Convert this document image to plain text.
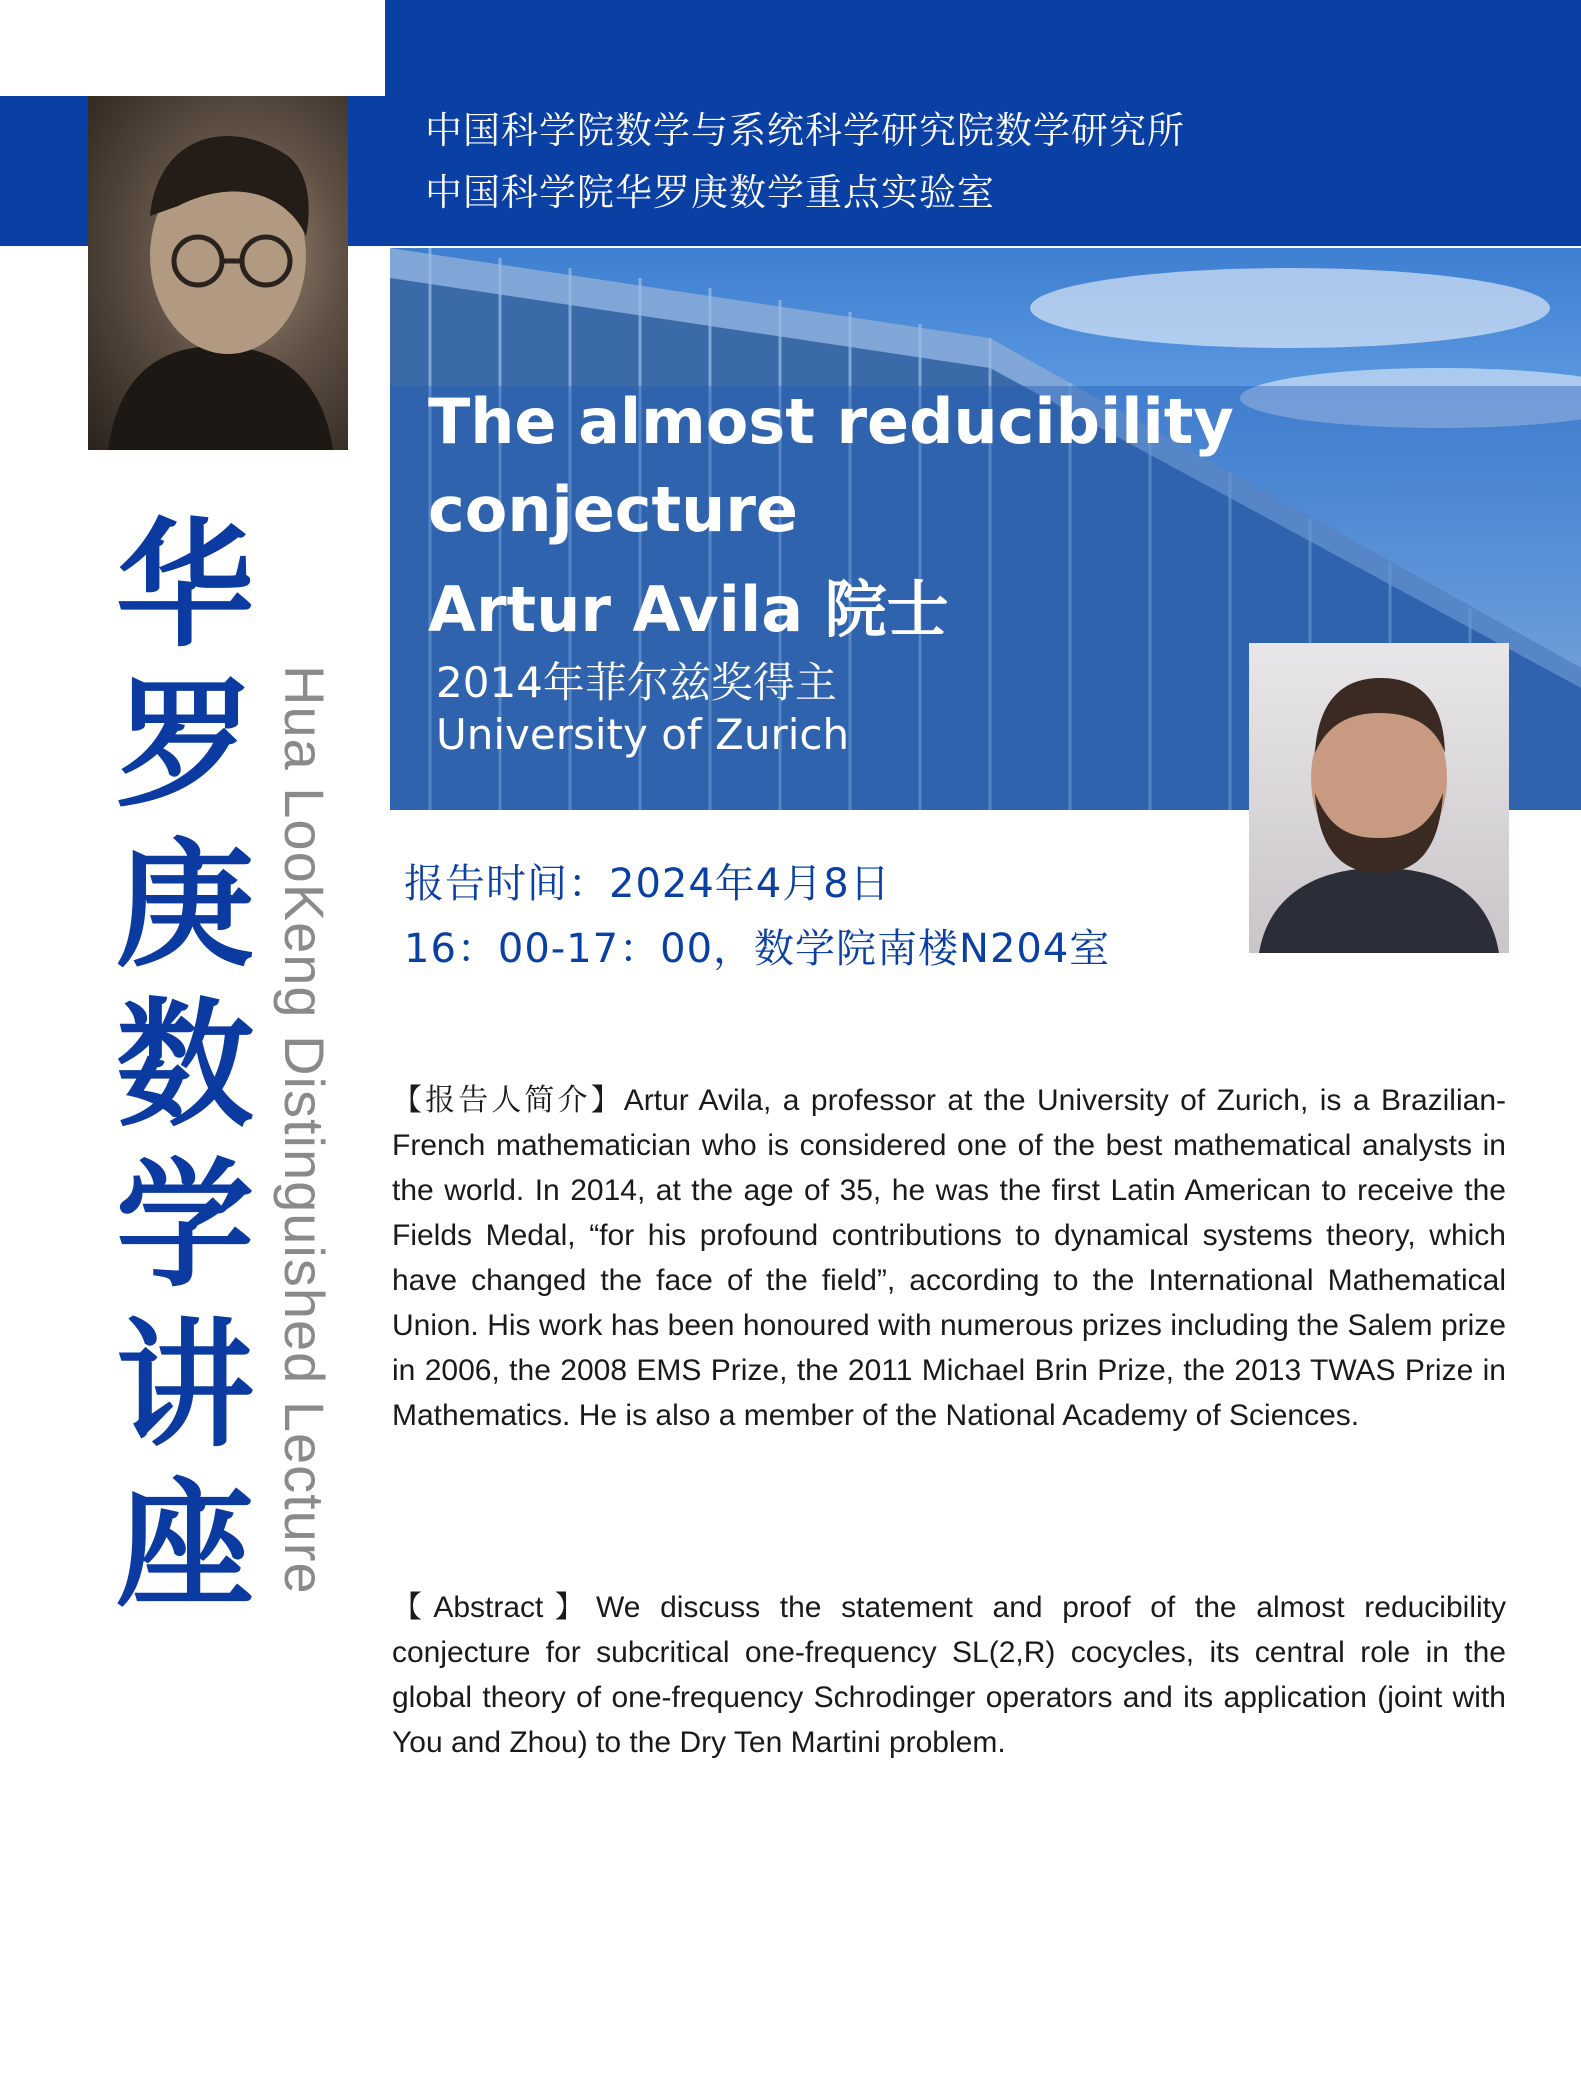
中国科学院数学与系统科学研究院数学研究所
中国科学院华罗庚数学重点实验室
The almost reducibility conjecture
Artur Avila 院士
2014年菲尔兹奖得主
University of Zurich
报告时间：2024年4月8日
16：00-17：00，数学院南楼N204室
华
罗
庚
数
学
讲
座 Hua LooKeng Distinguished Lecture 【报告人简介】Artur Avila, a professor at the University of Zurich, is a Brazilian-French mathematician who is considered one of the best mathematical analysts in the world. In 2014, at the age of 35, he was the first Latin American to receive the Fields Medal, “for his profound contributions to dynamical systems theory, which have changed the face of the field”, according to the International Mathematical Union. His work has been honoured with numerous prizes including the Salem prize in 2006, the 2008 EMS Prize, the 2011 Michael Brin Prize, the 2013 TWAS Prize in Mathematics. He is also a member of the National Academy of Sciences.

【Abstract】We discuss the statement and proof of the almost reducibility conjecture for subcritical one-frequency SL(2,R) cocycles, its central role in the global theory of one-frequency Schrodinger operators and its application (joint with You and Zhou) to the Dry Ten Martini problem.
